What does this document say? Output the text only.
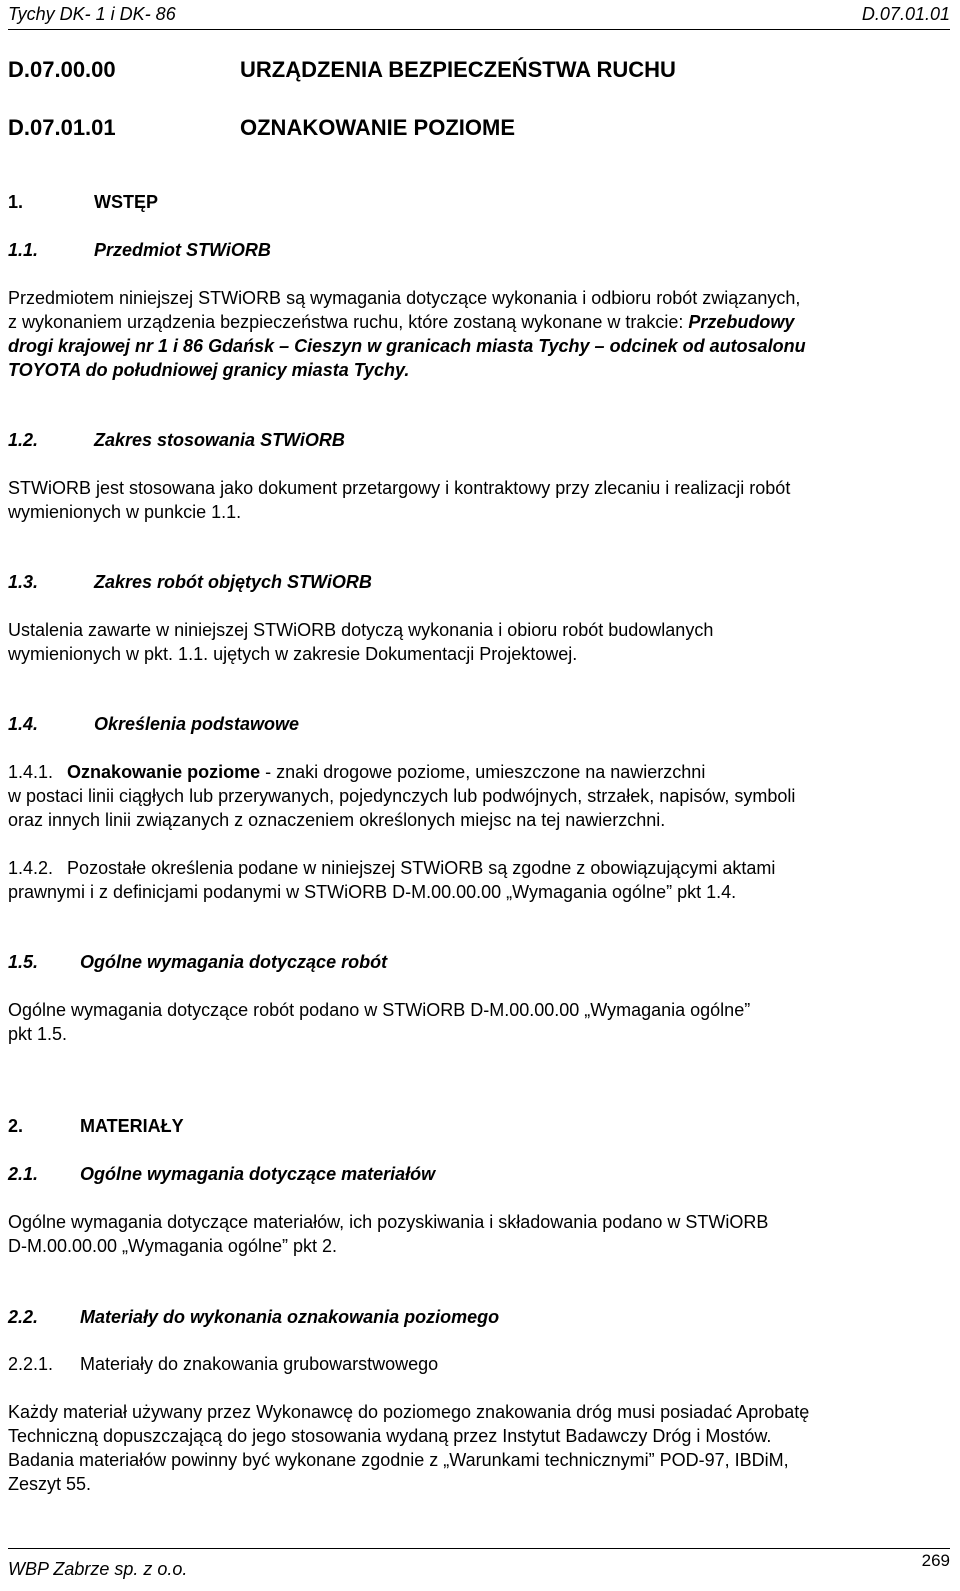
Tychy DK- 1 i DK- 86	D.07.01.01
D.07.00.00	URZĄDZENIA BEZPIECZEŃSTWA RUCHU
D.07.01.01	OZNAKOWANIE POZIOME
1.	WSTĘP
1.1.	Przedmiot STWiORB
Przedmiotem niniejszej STWiORB są wymagania dotyczące wykonania i odbioru robót związanych,
z wykonaniem urządzenia bezpieczeństwa ruchu, które zostaną wykonane w trakcie: Przebudowy
drogi krajowej nr 1 i 86 Gdańsk – Cieszyn w granicach miasta Tychy – odcinek od autosalonu
TOYOTA do południowej granicy miasta Tychy.
1.2.	Zakres stosowania STWiORB
STWiORB jest stosowana jako dokument przetargowy i kontraktowy przy zlecaniu i realizacji robót
wymienionych w punkcie 1.1.
1.3.	Zakres robót objętych STWiORB
Ustalenia zawarte w niniejszej STWiORB dotyczą wykonania i obioru robót budowlanych
wymienionych w pkt. 1.1. ujętych w zakresie Dokumentacji Projektowej.
1.4.	Określenia podstawowe
1.4.1. Oznakowanie poziome - znaki drogowe poziome, umieszczone na nawierzchni
w postaci linii ciągłych lub przerywanych, pojedynczych lub podwójnych, strzałek, napisów, symboli
oraz innych linii związanych z oznaczeniem określonych miejsc na tej nawierzchni.
1.4.2. Pozostałe określenia podane w niniejszej STWiORB są zgodne z obowiązującymi aktami
prawnymi i z definicjami podanymi w STWiORB D-M.00.00.00 „Wymagania ogólne” pkt 1.4.
1.5. Ogólne wymagania dotyczące robót
Ogólne wymagania dotyczące robót podano w STWiORB D-M.00.00.00 „Wymagania ogólne”
pkt 1.5.
2.	MATERIAŁY
2.1. Ogólne wymagania dotyczące materiałów
Ogólne wymagania dotyczące materiałów, ich pozyskiwania i składowania podano w STWiORB
D-M.00.00.00 „Wymagania ogólne” pkt 2.
2.2. Materiały do wykonania oznakowania poziomego
2.2.1. Materiały do znakowania grubowarstwowego
Każdy materiał używany przez Wykonawcę do poziomego znakowania dróg musi posiadać Aprobatę
Techniczną dopuszczającą do jego stosowania wydaną przez Instytut Badawczy Dróg i Mostów.
Badania materiałów powinny być wykonane zgodnie z „Warunkami technicznymi” POD-97, IBDiM,
Zeszyt 55.
WBP Zabrze sp. z o.o.	269
